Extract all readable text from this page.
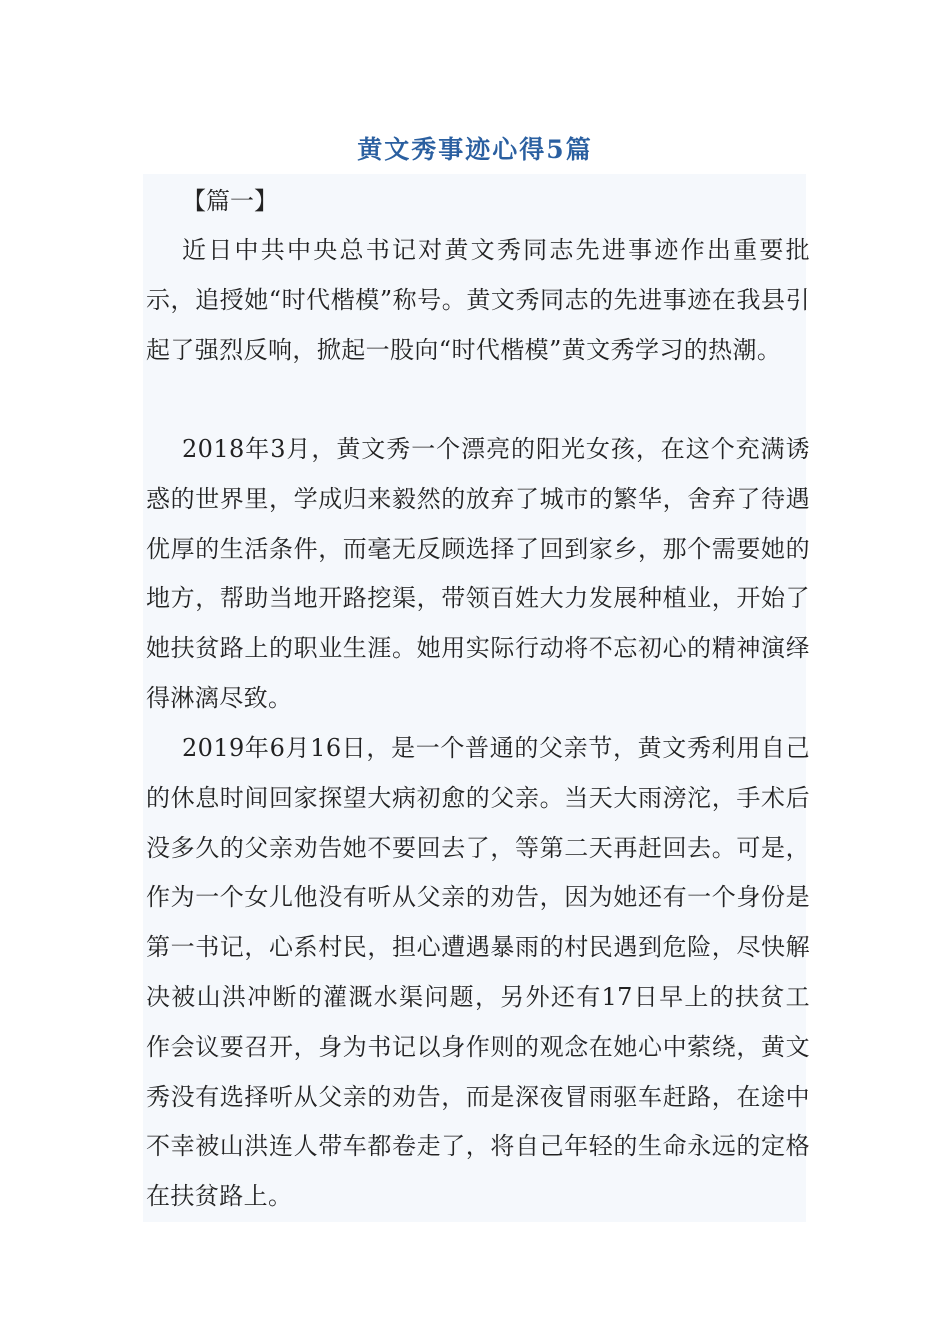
黄文秀事迹心得5篇
【篇一】

近日中共中央总书记对黄文秀同志先进事迹作出重要批示，追授她“时代楷模”称号。黄文秀同志的先进事迹在我县引起了强烈反响，掀起一股向“时代楷模”黄文秀学习的热潮。

2018年3月，黄文秀一个漂亮的阳光女孩，在这个充满诱惑的世界里，学成归来毅然的放弃了城市的繁华，舍弃了待遇优厚的生活条件，而毫无反顾选择了回到家乡，那个需要她的地方，帮助当地开路挖渠，带领百姓大力发展种植业，开始了她扶贫路上的职业生涯。她用实际行动将不忘初心的精神演绎得淋漓尽致。

2019年6月16日，是一个普通的父亲节，黄文秀利用自己的休息时间回家探望大病初愈的父亲。当天大雨滂沱，手术后没多久的父亲劝告她不要回去了，等第二天再赶回去。可是，作为一个女儿他没有听从父亲的劝告，因为她还有一个身份是第一书记，心系村民，担心遭遇暴雨的村民遇到危险，尽快解决被山洪冲断的灌溉水渠问题，另外还有17日早上的扶贫工作会议要召开，身为书记以身作则的观念在她心中萦绕，黄文秀没有选择听从父亲的劝告，而是深夜冒雨驱车赶路，在途中不幸被山洪连人带车都卷走了，将自己年轻的生命永远的定格在扶贫路上。
